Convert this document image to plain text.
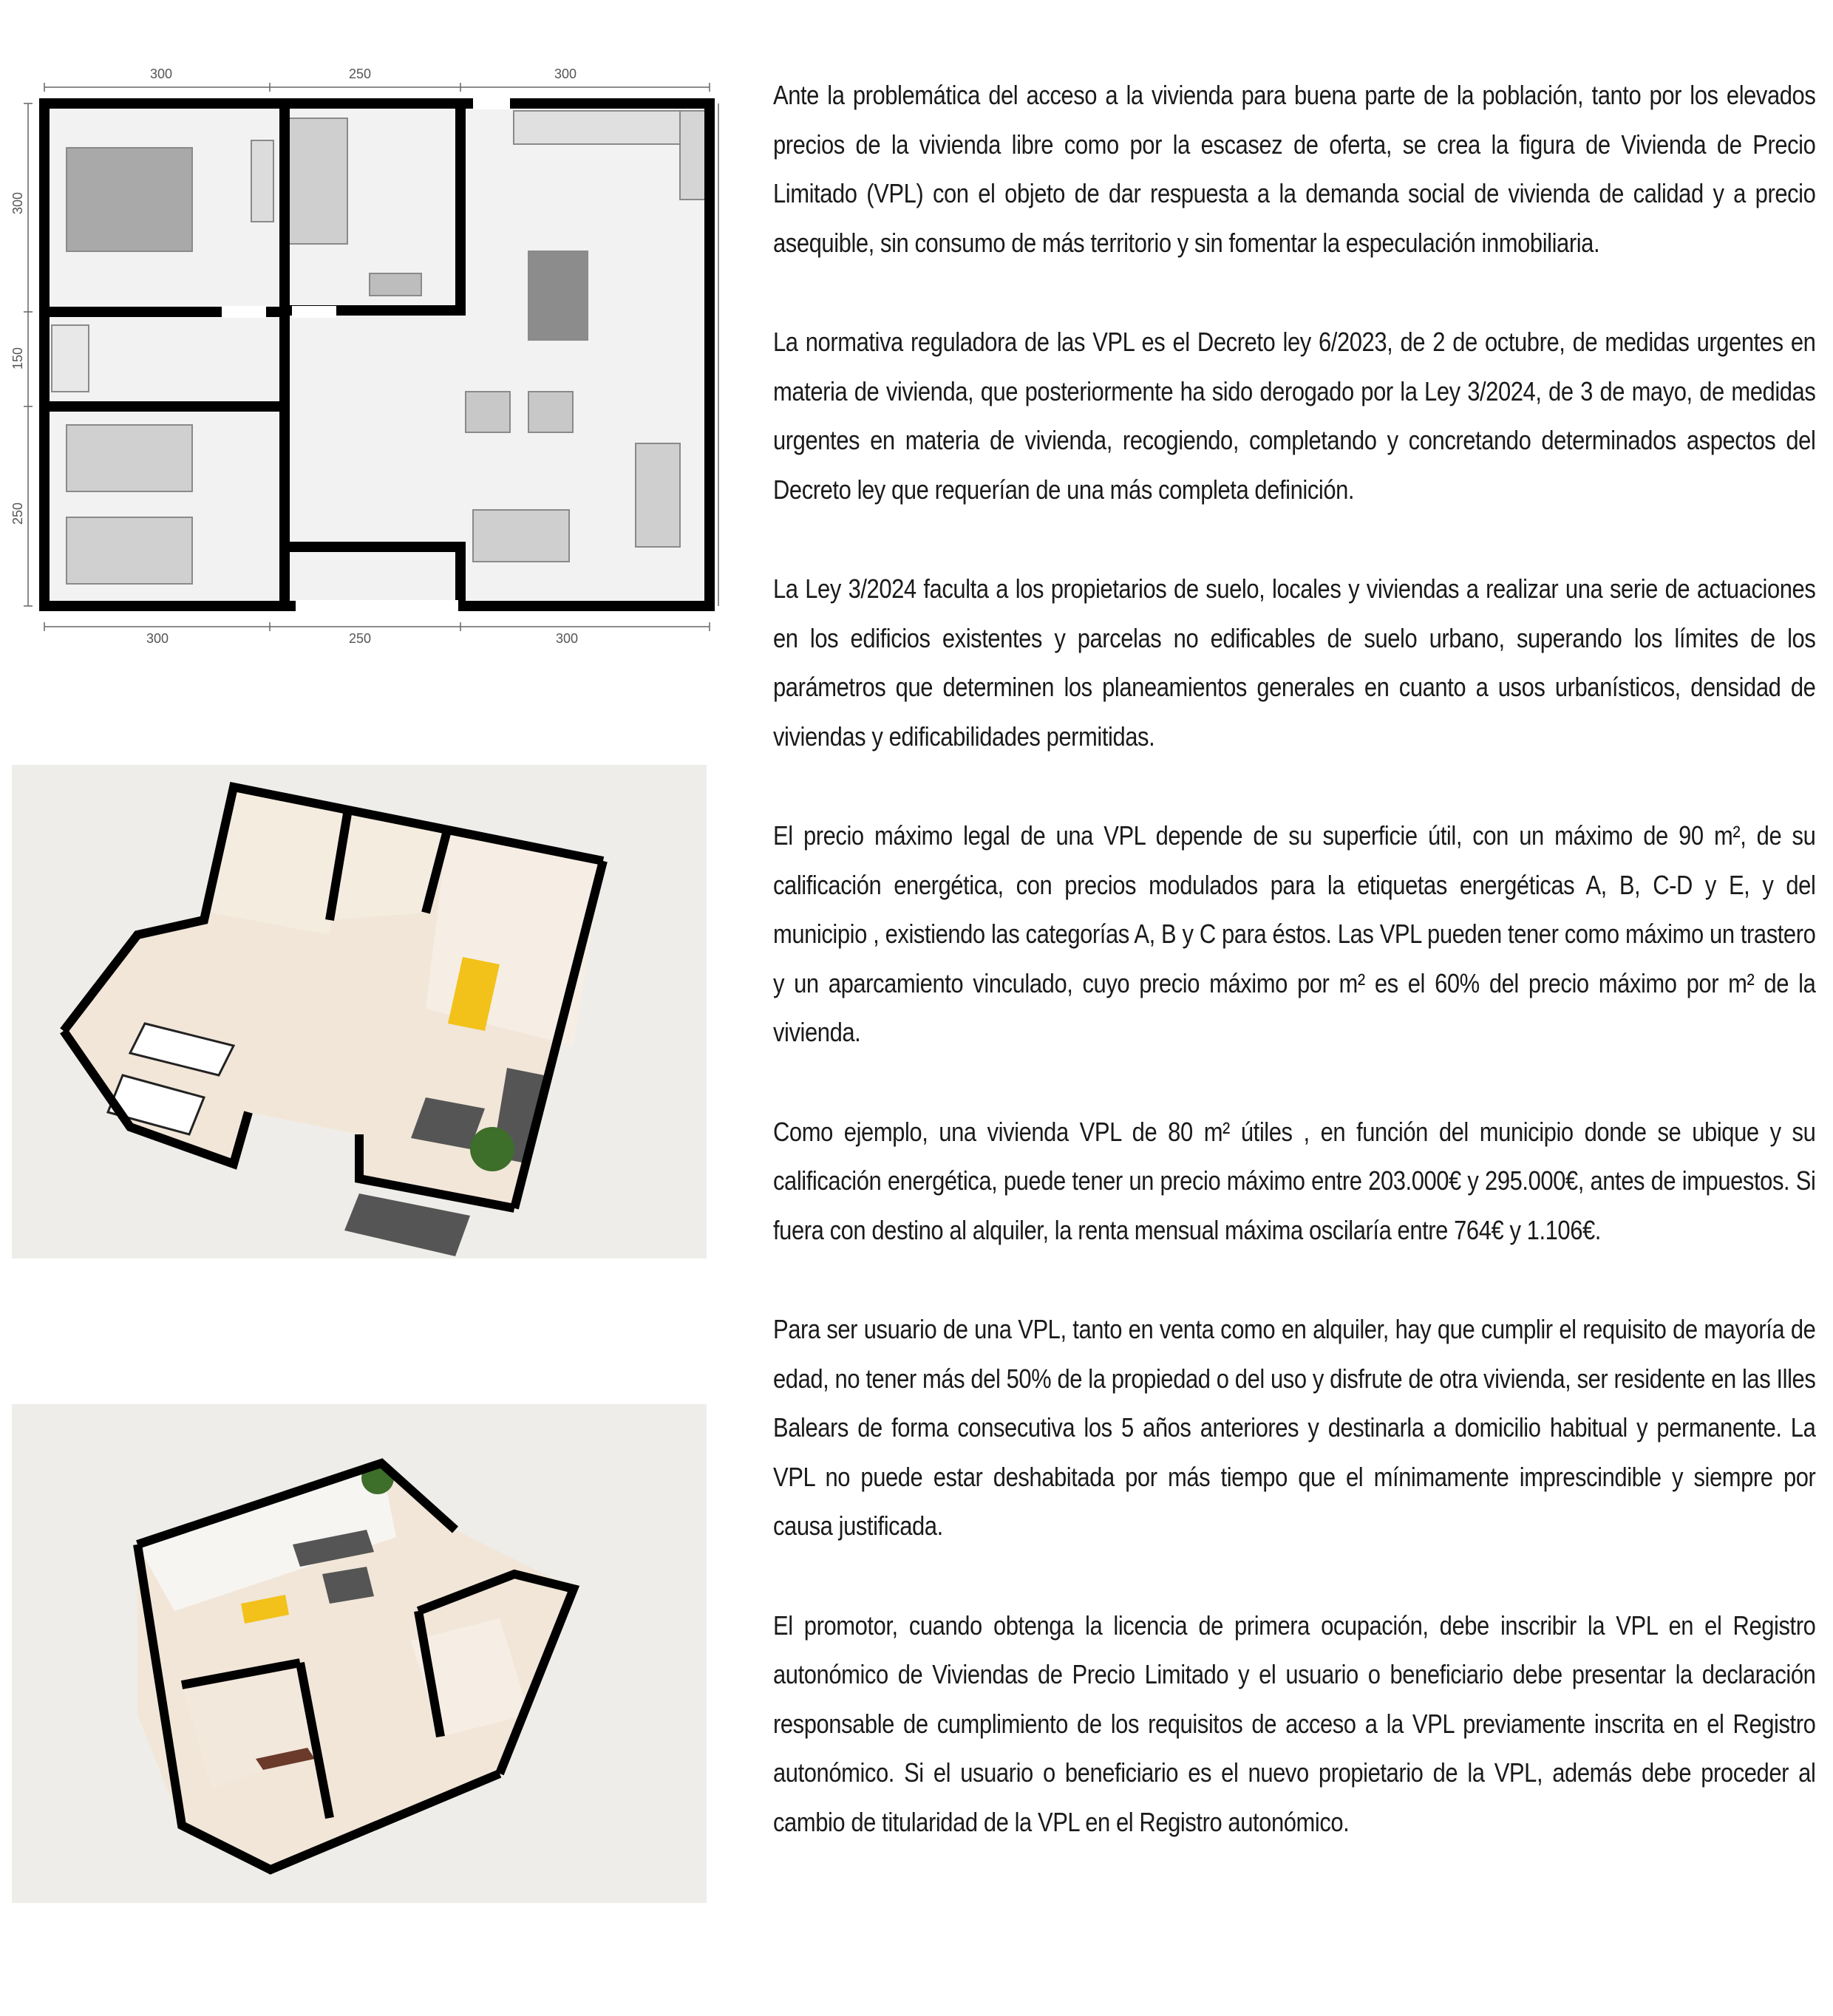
300	250	300
300	250	300
300
150
250

Ante la problemática del acceso a la vivienda para buena parte de la población, tanto por los elevados precios de la vivienda libre como por la escasez de oferta, se crea la figura de Vivienda de Precio Limitado (VPL) con el objeto de dar respuesta a la demanda social de vivienda de calidad y a precio asequible, sin consumo de más territorio y sin fomentar la especulación inmobiliaria.

La normativa reguladora de las VPL es el Decreto ley 6/2023, de 2 de octubre, de medidas urgentes en materia de vivienda, que posteriormente ha sido derogado por la Ley 3/2024, de 3 de mayo, de medidas urgentes en materia de vivienda, recogiendo, completando y concretando determinados aspectos del Decreto ley que requerían de una más completa definición.

La Ley 3/2024 faculta a los propietarios de suelo, locales y viviendas a realizar una serie de actuaciones en los edificios existentes y parcelas no edificables de suelo urbano, superando los límites de los parámetros que determinen los planeamientos generales en cuanto a usos urbanísticos, densidad de viviendas y edificabilidades permitidas.

El precio máximo legal de una VPL depende de su superficie útil, con un máximo de 90 m², de su calificación energética, con precios modulados para la etiquetas energéticas A, B, C-D y E, y del municipio , existiendo las categorías A, B y C para éstos. Las VPL pueden tener como máximo un trastero y un aparcamiento vinculado, cuyo precio máximo por m² es el 60% del precio máximo por m² de la vivienda.

Como ejemplo, una vivienda VPL de 80 m² útiles , en función del municipio donde se ubique y su calificación energética, puede tener un precio máximo entre 203.000€ y 295.000€, antes de impuestos. Si fuera con destino al alquiler, la renta mensual máxima oscilaría entre 764€ y 1.106€.

Para ser usuario de una VPL, tanto en venta como en alquiler, hay que cumplir el requisito de mayoría de edad, no tener más del 50% de la propiedad o del uso y disfrute de otra vivienda, ser residente en las Illes Balears de forma consecutiva los 5 años anteriores y destinarla a domicilio habitual y permanente. La VPL no puede estar deshabitada por más tiempo que el mínimamente imprescindible y siempre por causa justificada.

El promotor, cuando obtenga la licencia de primera ocupación, debe inscribir la VPL en el Registro autonómico de Viviendas de Precio Limitado y el usuario o beneficiario debe presentar la declaración responsable de cumplimiento de los requisitos de acceso a la VPL previamente inscrita en el Registro autonómico. Si el usuario o beneficiario es el nuevo propietario de la VPL, además debe proceder al cambio de titularidad de la VPL en el Registro autonómico.
